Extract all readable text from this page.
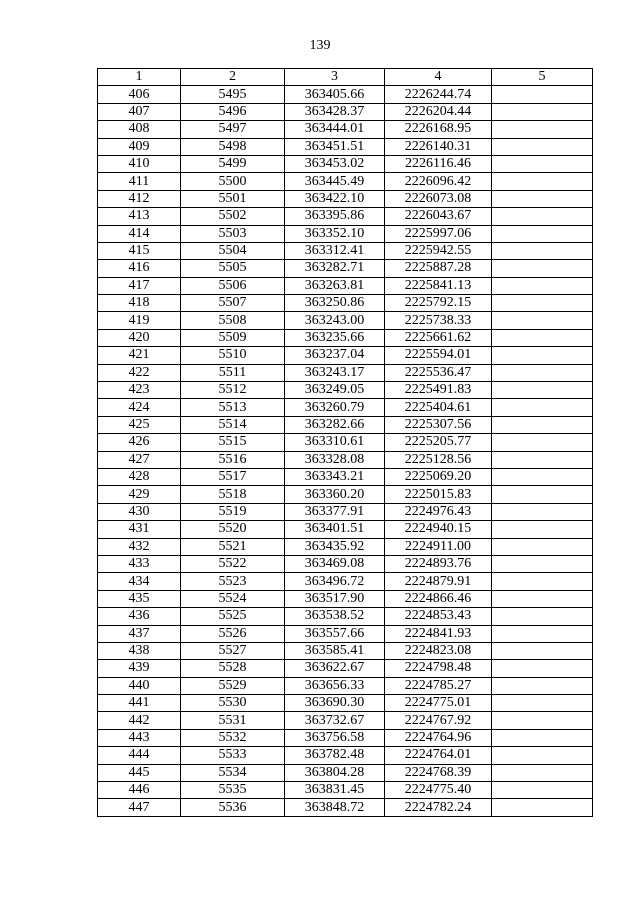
139
1	2	3	4	5
406	5495	363405.66	2226244.74	
407	5496	363428.37	2226204.44	
408	5497	363444.01	2226168.95	
409	5498	363451.51	2226140.31	
410	5499	363453.02	2226116.46	
411	5500	363445.49	2226096.42	
412	5501	363422.10	2226073.08	
413	5502	363395.86	2226043.67	
414	5503	363352.10	2225997.06	
415	5504	363312.41	2225942.55	
416	5505	363282.71	2225887.28	
417	5506	363263.81	2225841.13	
418	5507	363250.86	2225792.15	
419	5508	363243.00	2225738.33	
420	5509	363235.66	2225661.62	
421	5510	363237.04	2225594.01	
422	5511	363243.17	2225536.47	
423	5512	363249.05	2225491.83	
424	5513	363260.79	2225404.61	
425	5514	363282.66	2225307.56	
426	5515	363310.61	2225205.77	
427	5516	363328.08	2225128.56	
428	5517	363343.21	2225069.20	
429	5518	363360.20	2225015.83	
430	5519	363377.91	2224976.43	
431	5520	363401.51	2224940.15	
432	5521	363435.92	2224911.00	
433	5522	363469.08	2224893.76	
434	5523	363496.72	2224879.91	
435	5524	363517.90	2224866.46	
436	5525	363538.52	2224853.43	
437	5526	363557.66	2224841.93	
438	5527	363585.41	2224823.08	
439	5528	363622.67	2224798.48	
440	5529	363656.33	2224785.27	
441	5530	363690.30	2224775.01	
442	5531	363732.67	2224767.92	
443	5532	363756.58	2224764.96	
444	5533	363782.48	2224764.01	
445	5534	363804.28	2224768.39	
446	5535	363831.45	2224775.40	
447	5536	363848.72	2224782.24	
